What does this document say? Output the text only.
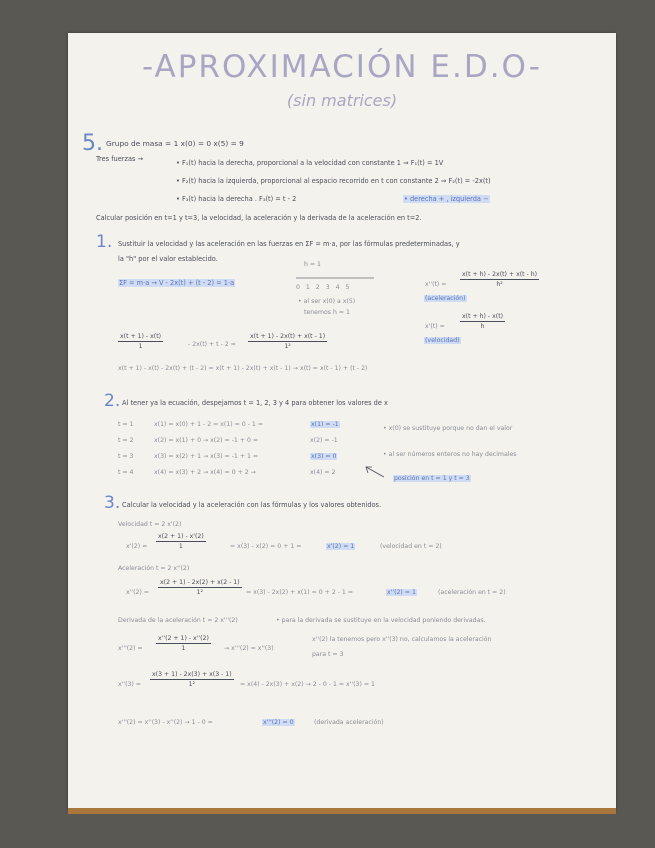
-APROXIMACIÓN E.D.O-
(sin matrices)
5. Grupo de masa = 1 x(0) = 0 x(5) = 9
Tres fuerzas →	• F₁(t) hacia la derecha, proporcional a la velocidad con constante 1 ⇒ F₁(t) = 1V
• F₂(t) hacia la izquierda, proporcional al espacio recorrido en t con constante 2 ⇒ F₂(t) = -2x(t)
• F₃(t) hacia la derecha . F₃(t) = t - 2	• derecha + , izquierda −
Calcular posición en t=1 y t=3, la velocidad, la aceleración y la derivada de la aceleración en t=2.
1. Sustituir la velocidad y las aceleración en las fuerzas en ΣF = m·a, por las fórmulas predeterminadas, y
la "h" por el valor establecido.
ΣF = m·a → V - 2x(t) + (t - 2) = 1·a
h = 1
0 1 2 3 4 5
• al ser x(0) a x(5)
tenemos h = 1
$x''(t) = \frac{x(t + h) - 2x(t) + x(t - h)}{\text{h²}}$
(aceleración)
$x'(t) = \frac{x(t + h) - x(t)}{h}$
(velocidad)
$\frac{x(t + 1) - x(t)}{1}$	- $2x(t) + t - 2 = \frac{x(t + 1) - 2x(t) + x(t - 1)}{\text{1²}}$
x(t + 1) - x(t) - 2x(t) + (t - 2) = x(t + 1) - 2x(t) + x(t - 1) → x(t) = x(t - 1) + (t - 2)
2. Al tener ya la ecuación, despejamos t = 1, 2, 3 y 4 para obtener los valores de x
t = 1	x(1) = x(0) + 1 - 2 = x(1) = 0 - 1 =	x(1) = -1
t = 2	x(2) = x(1) + 0 → x(2) = -1 + 0 =	x(2) = -1
t = 3	x(3) = x(2) + 1 → x(3) = -1 + 1 =	x(3) = 0
t = 4	x(4) = x(3) + 2 → x(4) = 0 + 2 →	x(4) = 2
• x(0) se sustituye porque no dan el valor
• al ser números enteros no hay decimales
posición en t = 1 y t = 3
3. Calcular la velocidad y la aceleración con las fórmulas y los valores obtenidos.
Velocidad t = 2 x'(2)
$x'(2) = \frac{x(2 + 1) - x'(2)}{1}$	= x(3) - x(2) = 0 + 1 =	x'(2) = 1	(velocidad en t = 2)
Aceleración t = 2 x''(2)
$x''(2) = \frac{x(2 + 1) - 2x(2) + x(2 - 1)}{\text{1²}} = x(3) - 2x(2) + x(1) = 0 + 2 - 1$ =	x''(2) = 1	(aceleración en t = 2)
Derivada de la aceleración t = 2 x'''(2)	• para la derivada se sustituye en la velocidad poniendo derivadas.
$x'''(2) = \frac{x''(2 + 1) - x''(2)}{1} \to x'''(2) = x''(3)$
x''(2) la tenemos pero x''(3) no, calculamos la aceleración
para t = 3
$x''(3) = \frac{x(3 + 1) - 2x(3) + x(3 - 1)}{\text{1²}} = x(4) - 2x(3) + x(2) \to 2 - 0 - 1 = x''(3) = 1$
x'''(2) = x''(3) - x''(2) → 1 - 0 =	x'''(2) = 0	(derivada aceleración)
